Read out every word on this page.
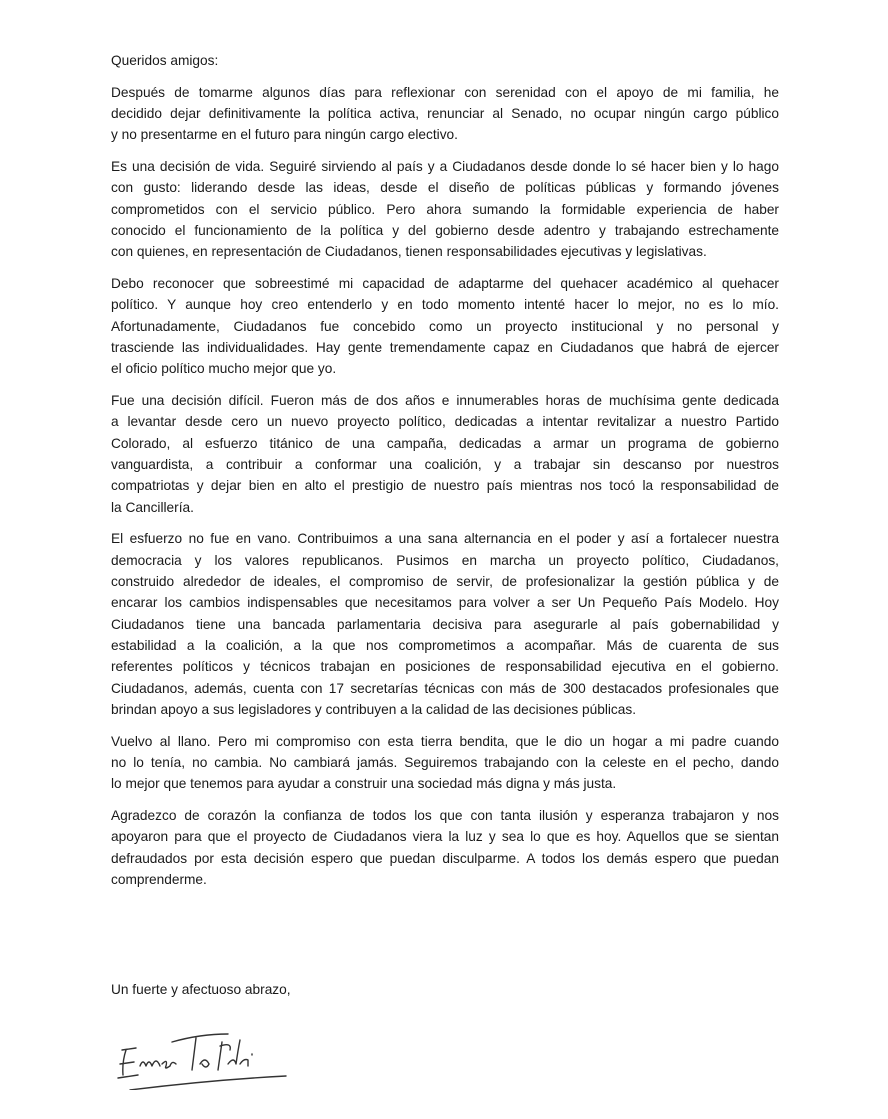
Queridos amigos:
Después de tomarme algunos días para reflexionar con serenidad con el apoyo de mi familia, he
decidido dejar definitivamente la política activa, renunciar al Senado, no ocupar ningún cargo público
y no presentarme en el futuro para ningún cargo electivo.
Es una decisión de vida. Seguiré sirviendo al país y a Ciudadanos desde donde lo sé hacer bien y lo hago
con gusto: liderando desde las ideas, desde el diseño de políticas públicas y formando jóvenes
comprometidos con el servicio público. Pero ahora sumando la formidable experiencia de haber
conocido el funcionamiento de la política y del gobierno desde adentro y trabajando estrechamente
con quienes, en representación de Ciudadanos, tienen responsabilidades ejecutivas y legislativas.
Debo reconocer que sobreestimé mi capacidad de adaptarme del quehacer académico al quehacer
político. Y aunque hoy creo entenderlo y en todo momento intenté hacer lo mejor, no es lo mío.
Afortunadamente, Ciudadanos fue concebido como un proyecto institucional y no personal y
trasciende las individualidades. Hay gente tremendamente capaz en Ciudadanos que habrá de ejercer
el oficio político mucho mejor que yo.
Fue una decisión difícil. Fueron más de dos años e innumerables horas de muchísima gente dedicada
a levantar desde cero un nuevo proyecto político, dedicadas a intentar revitalizar a nuestro Partido
Colorado, al esfuerzo titánico de una campaña, dedicadas a armar un programa de gobierno
vanguardista, a contribuir a conformar una coalición, y a trabajar sin descanso por nuestros
compatriotas y dejar bien en alto el prestigio de nuestro país mientras nos tocó la responsabilidad de
la Cancillería.
El esfuerzo no fue en vano. Contribuimos a una sana alternancia en el poder y así a fortalecer nuestra
democracia y los valores republicanos. Pusimos en marcha un proyecto político, Ciudadanos,
construido alrededor de ideales, el compromiso de servir, de profesionalizar la gestión pública y de
encarar los cambios indispensables que necesitamos para volver a ser Un Pequeño País Modelo. Hoy
Ciudadanos tiene una bancada parlamentaria decisiva para asegurarle al país gobernabilidad y
estabilidad a la coalición, a la que nos comprometimos a acompañar. Más de cuarenta de sus
referentes políticos y técnicos trabajan en posiciones de responsabilidad ejecutiva en el gobierno.
Ciudadanos, además, cuenta con 17 secretarías técnicas con más de 300 destacados profesionales que
brindan apoyo a sus legisladores y contribuyen a la calidad de las decisiones públicas.
Vuelvo al llano. Pero mi compromiso con esta tierra bendita, que le dio un hogar a mi padre cuando
no lo tenía, no cambia. No cambiará jamás. Seguiremos trabajando con la celeste en el pecho, dando
lo mejor que tenemos para ayudar a construir una sociedad más digna y más justa.
Agradezco de corazón la confianza de todos los que con tanta ilusión y esperanza trabajaron y nos
apoyaron para que el proyecto de Ciudadanos viera la luz y sea lo que es hoy. Aquellos que se sientan
defraudados por esta decisión espero que puedan disculparme. A todos los demás espero que puedan
comprenderme.
Un fuerte y afectuoso abrazo,
